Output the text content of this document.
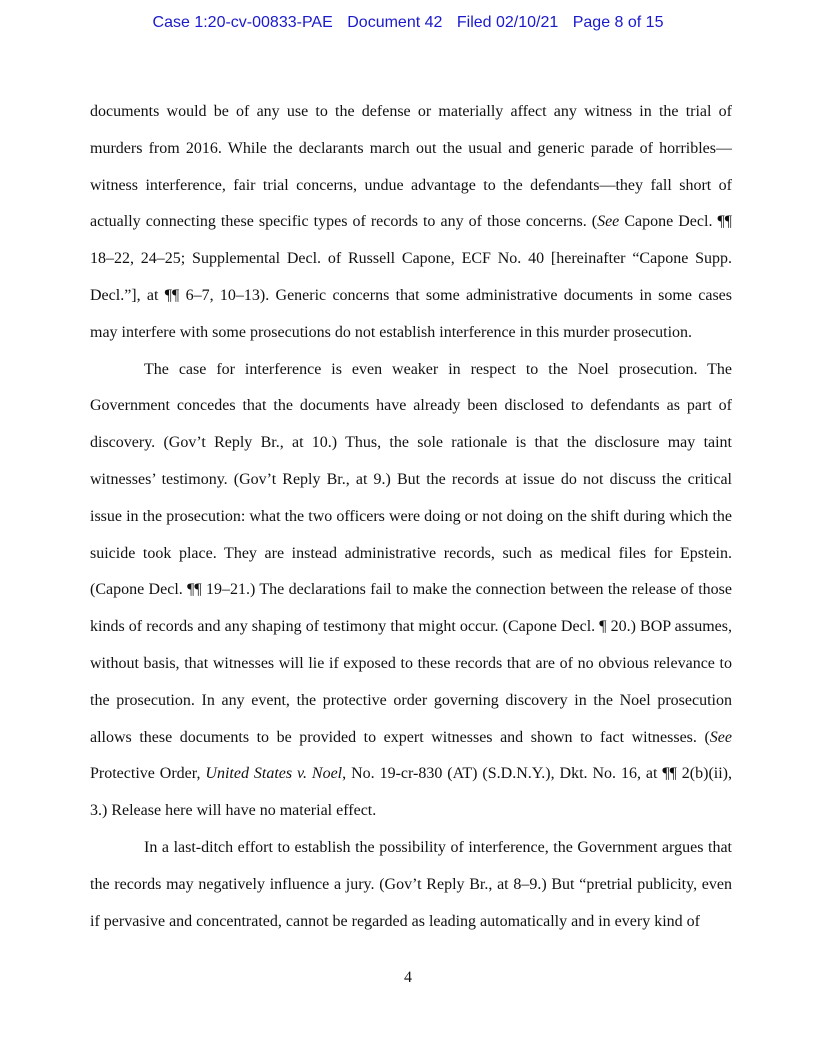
Case 1:20-cv-00833-PAE Document 42 Filed 02/10/21 Page 8 of 15
documents would be of any use to the defense or materially affect any witness in the trial of
murders from 2016. While the declarants march out the usual and generic parade of horribles—
witness interference, fair trial concerns, undue advantage to the defendants—they fall short of
actually connecting these specific types of records to any of those concerns. (See Capone Decl. ¶¶
18–22, 24–25; Supplemental Decl. of Russell Capone, ECF No. 40 [hereinafter “Capone Supp.
Decl.”], at ¶¶ 6–7, 10–13). Generic concerns that some administrative documents in some cases
may interfere with some prosecutions do not establish interference in this murder prosecution.
The case for interference is even weaker in respect to the Noel prosecution. The
Government concedes that the documents have already been disclosed to defendants as part of
discovery. (Gov’t Reply Br., at 10.) Thus, the sole rationale is that the disclosure may taint
witnesses’ testimony. (Gov’t Reply Br., at 9.) But the records at issue do not discuss the critical
issue in the prosecution: what the two officers were doing or not doing on the shift during which the
suicide took place. They are instead administrative records, such as medical files for Epstein.
(Capone Decl. ¶¶ 19–21.) The declarations fail to make the connection between the release of those
kinds of records and any shaping of testimony that might occur. (Capone Decl. ¶ 20.) BOP assumes,
without basis, that witnesses will lie if exposed to these records that are of no obvious relevance to
the prosecution. In any event, the protective order governing discovery in the Noel prosecution
allows these documents to be provided to expert witnesses and shown to fact witnesses. (See
Protective Order, United States v. Noel, No. 19-cr-830 (AT) (S.D.N.Y.), Dkt. No. 16, at ¶¶ 2(b)(ii),
3.) Release here will have no material effect.
In a last-ditch effort to establish the possibility of interference, the Government argues that
the records may negatively influence a jury. (Gov’t Reply Br., at 8–9.) But “pretrial publicity, even
if pervasive and concentrated, cannot be regarded as leading automatically and in every kind of
4
